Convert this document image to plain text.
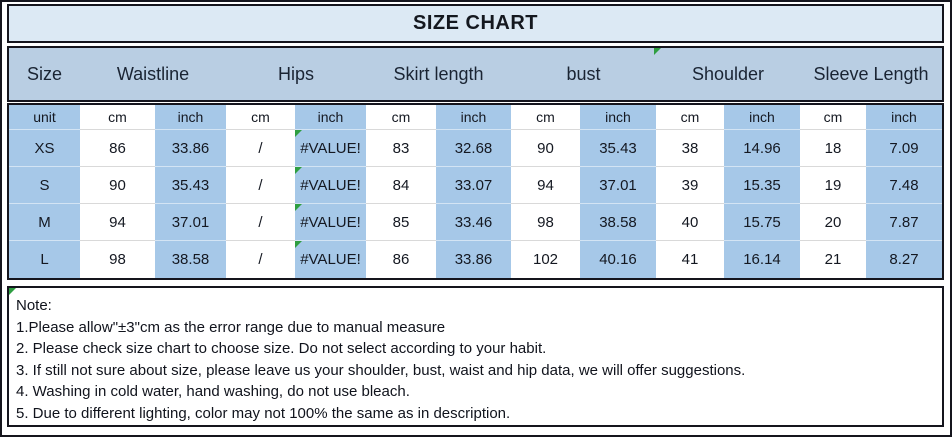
SIZE CHART
Size	Waistline	Hips	Skirt length	bust	Shoulder	Sleeve Length
unit	cm	inch	cm	inch	cm	inch	cm	inch	cm	inch	cm	inch
XS	86	33.86	/	#VALUE!	83	32.68	90	35.43	38	14.96	18	7.09
S	90	35.43	/	#VALUE!	84	33.07	94	37.01	39	15.35	19	7.48
M	94	37.01	/	#VALUE!	85	33.46	98	38.58	40	15.75	20	7.87
L	98	38.58	/	#VALUE!	86	33.86	102	40.16	41	16.14	21	8.27
Note:
1.Please allow"±3"cm as the error range due to manual measure
2. Please check size chart to choose size. Do not select according to your habit.
3. If still not sure about size, please leave us your shoulder, bust, waist and hip data, we will offer suggestions.
4. Washing in cold water, hand washing, do not use bleach.
5. Due to different lighting, color may not 100% the same as in description.
